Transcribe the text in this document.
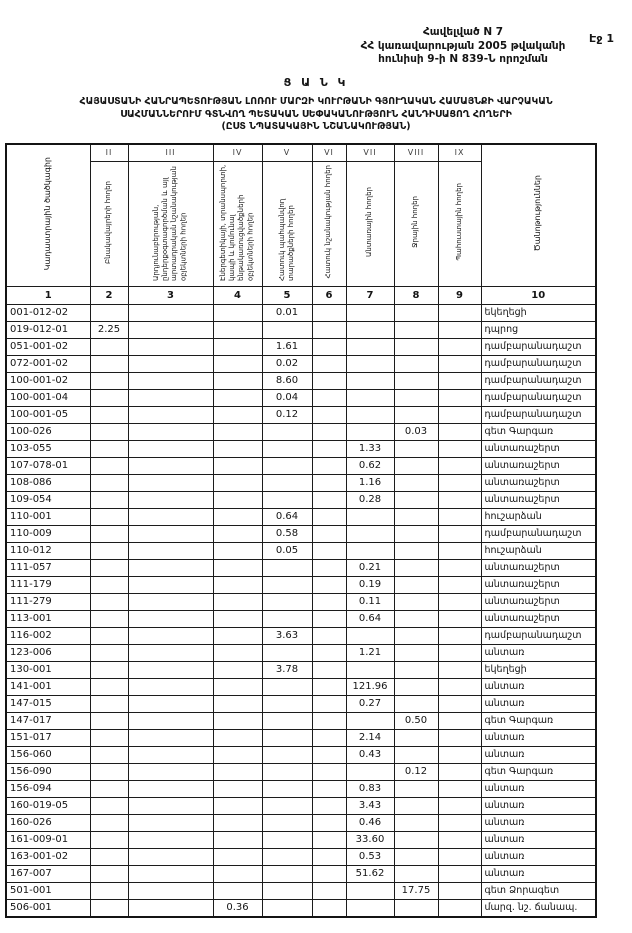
Էջ 1
Հավելված N 7
ՀՀ կառավարության 2005 թվականի
հունիսի 9-ի N 839-Ն որոշման
Ց Ա Ն Կ
ՀԱՅԱՍՏԱՆԻ ՀԱՆՐԱՊԵՏՈՒԹՅԱՆ ԼՈՌՈՒ ՄԱՐԶԻ ԿՈՒՐԹԱՆԻ ԳՅՈՒՂԱԿԱՆ ՀԱՄԱՅՆՔԻ ՎԱՐՉԱԿԱՆ
ՍԱՀՄԱՆՆԵՐՈՒՄ ԳՏՆՎՈՂ ՊԵՏԱԿԱՆ ՍԵՓԱԿԱՆՈՒԹՅՈՒՆ ՀԱՆԴԻՍԱՑՈՂ ՀՈՂԵՐԻ
(ԸՍՏ ՆՊԱՏԱԿԱՅԻՆ ՆՇԱՆԱԿՈՒԹՅԱՆ)
Կադաստրային ծածկագիր	II	III	IV	V	VI	VII	VIII	IX	Ծանոթություններ
	Բնակավայրերի հողեր	Արդյունաբերության, ընդերքօգտագործման և այլ արտադրական նշանակության օբյեկտների հողեր	Էներգետիկայի, տրանսպորտի, կապի և կոմունալ ենթակառուցվածքների օբյեկտների հողեր	Հատուկ պահպանվող տարածքների հողեր	Հատուկ նշանակության հողեր	Անտառային հողեր	Ջրային հողեր	Պահուստային հողեր	
1	2	3	4	5	6	7	8	9	10
001-012-02				0.01					եկեղեցի
019-012-01	2.25								դպրոց
051-001-02				1.61					դամբարանադաշտ
072-001-02				0.02					դամբարանադաշտ
100-001-02				8.60					դամբարանադաշտ
100-001-04				0.04					դամբարանադաշտ
100-001-05				0.12					դամբարանադաշտ
100-026							0.03		գետ Գարգառ
103-055						1.33			անտառաշերտ
107-078-01						0.62			անտառաշերտ
108-086						1.16			անտառաշերտ
109-054						0.28			անտառաշերտ
110-001				0.64					հուշարձան
110-009				0.58					դամբարանադաշտ
110-012				0.05					հուշարձան
111-057						0.21			անտառաշերտ
111-179						0.19			անտառաշերտ
111-279						0.11			անտառաշերտ
113-001						0.64			անտառաշերտ
116-002				3.63					դամբարանադաշտ
123-006						1.21			անտառ
130-001				3.78					եկեղեցի
141-001						121.96			անտառ
147-015						0.27			անտառ
147-017							0.50		գետ Գարգառ
151-017						2.14			անտառ
156-060						0.43			անտառ
156-090							0.12		գետ Գարգառ
156-094						0.83			անտառ
160-019-05						3.43			անտառ
160-026						0.46			անտառ
161-009-01						33.60			անտառ
163-001-02						0.53			անտառ
167-007						51.62			անտառ
501-001							17.75		գետ Ձորագետ
506-001			0.36						մարզ. նշ. ճանապ.
